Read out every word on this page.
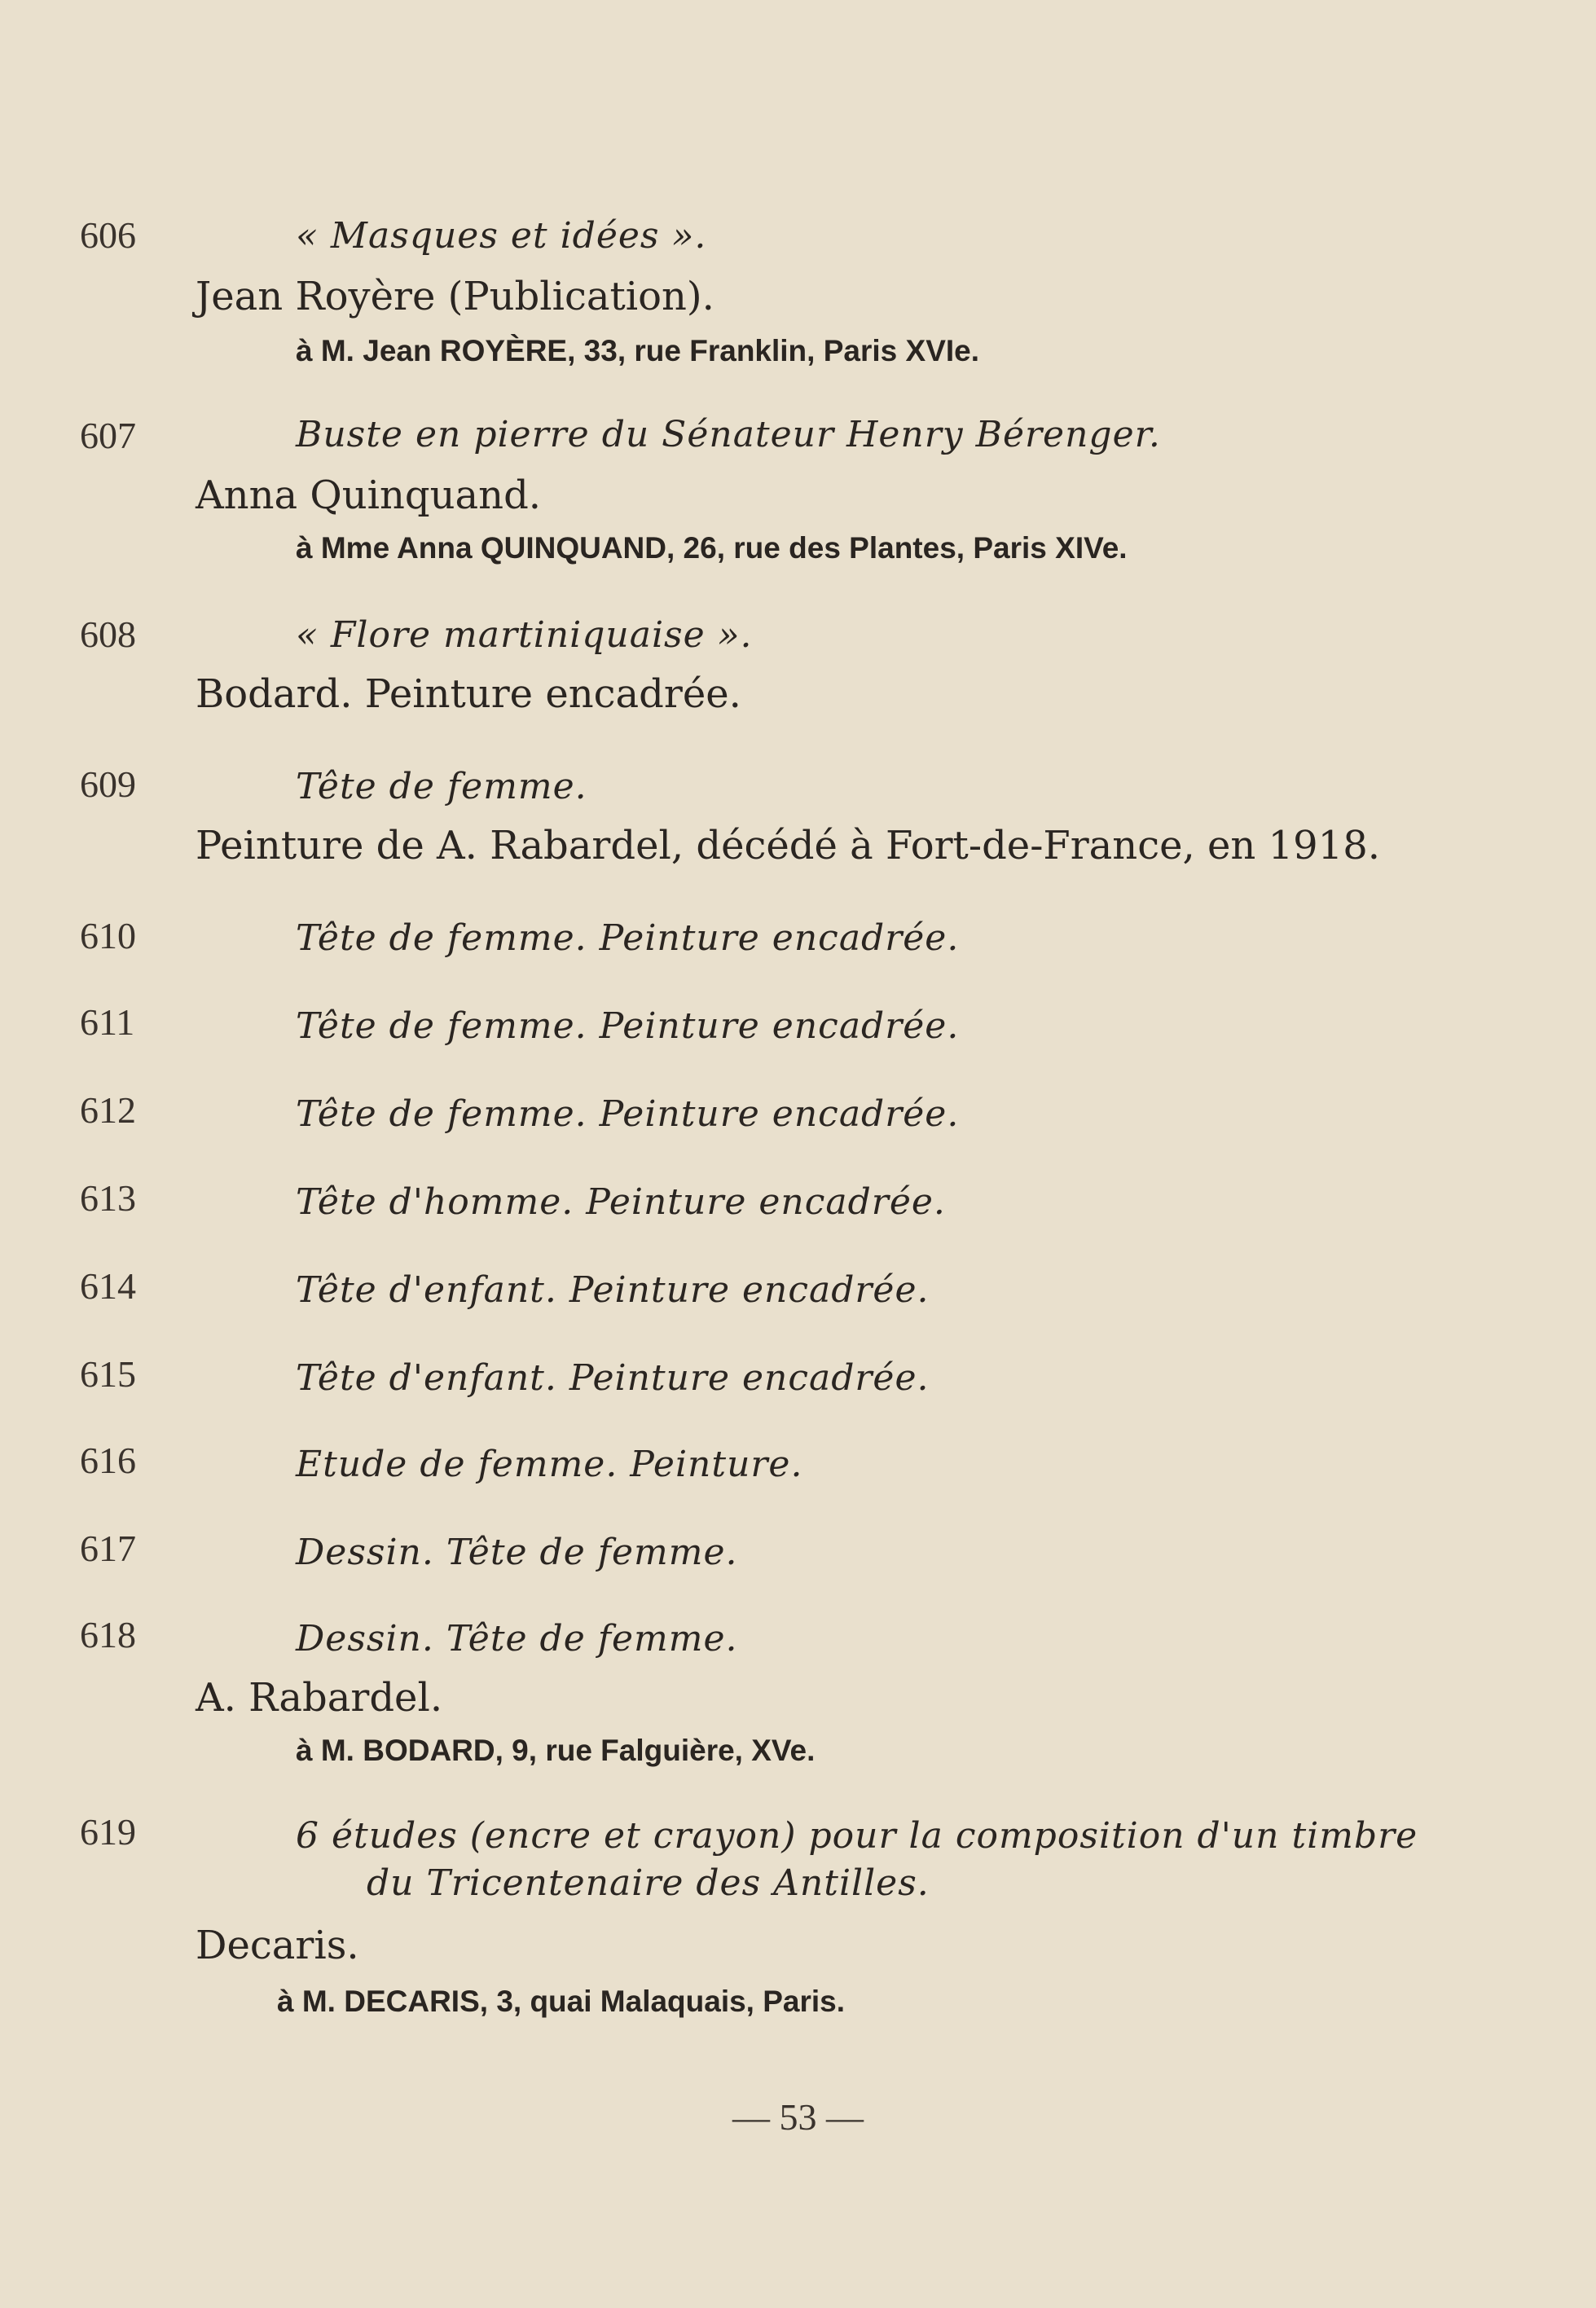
606	« Masques et idées ».
Jean Royère (Publication).
à M. Jean ROYÈRE, 33, rue Franklin, Paris XVIe.
607	Buste en pierre du Sénateur Henry Bérenger.
Anna Quinquand.
à Mme Anna QUINQUAND, 26, rue des Plantes, Paris XIVe.
608	« Flore martiniquaise ».
Bodard. Peinture encadrée.
609	Tête de femme.
Peinture de A. Rabardel, décédé à Fort-de-France, en 1918.
610	Tête de femme. Peinture encadrée.
611	Tête de femme. Peinture encadrée.
612	Tête de femme. Peinture encadrée.
613	Tête d'homme. Peinture encadrée.
614	Tête d'enfant. Peinture encadrée.
615	Tête d'enfant. Peinture encadrée.
616	Etude de femme. Peinture.
617	Dessin. Tête de femme.
618	Dessin. Tête de femme.
A. Rabardel.
à M. BODARD, 9, rue Falguière, XVe.
619	6 études (encre et crayon) pour la composition d'un timbre
du Tricentenaire des Antilles.
Decaris.
à M. DECARIS, 3, quai Malaquais, Paris.
— 53 —
